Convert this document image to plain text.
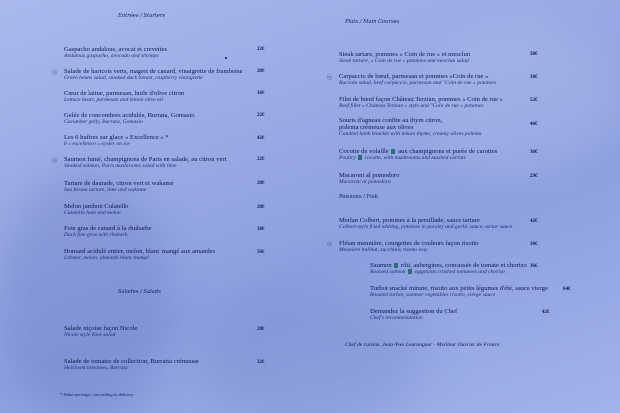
Entrées / Starters
Gaspacho andalous, avocat et crevettes
Andalous gaspacho, avocado and shrimps
22€
ⓩ Salade de haricots verts, magret de canard, vinaigrette de framboise
Green beans salad, smoked duck breast, raspberry vinaigrette
28€
Cœur de laitue, parmesan, huile d'olive citron
Lettuce heart, parmesan and lemon olive oil
16€
Gelée de concombres acidulée, Burrata, Gomasio
Cucumber gelly, Burrata, Gomasio
22€
Les 6 huîtres sur glace « Excellence » *
6 « excellence » oyster on ice
42€
ⓩ Saumon fumé, champignons de Paris en salade, au citron vert
Smoked salmon, Paris mushrooms salad with lime
22€
Tartare de daurade, citron vert et wakamé
Sea bream tartare, lime and wakame
28€
Melon jambon Culatello
Culatello ham and melon
28€
Foie gras de canard à la rhubarbe
Duck foie gras with rhubarb
38€
Homard acidulé entier, melon, blanc mangé aux amandes
Lobster, melon, almonds blanc mangé
56€
Salades / Salads
Salade niçoise façon Nicole
Nicole style Nice salad
28€
Salade de tomates de collection, Burratta crémeuse
Heirloom tomatoes, Burrata
32€
* Selon arrivage / according to delivery
Plats / Main Courses
Steak tartare, pommes « Coin de rue » et mesclun
Steak tartare, « Coin de rue » potatoes and mesclun salad
38€
ⓩ Carpaccio de bœuf, parmesan et pommes «Coin de rue »
Ruccola salad, beef carpaccio, parmesan and "Coin de rue » potatoes
38€
Filet de bœuf façon Château Terzian, pommes « Coin de rue »
Beef fillet « Château Terzian » style and "Coin de rue » potatoes
52€
Souris d'agneau confite au thym citron,
polenta crémeuse aux olives
Candied lamb knuckle with lemon thyme, creamy olives polenta
46€
Cocotte de volaille  aux champignons et purée de carottes
Poultry  cocotte, with mushrooms and mashed carrots
36€
Macaroni al pomodoro
Macaroni al pomodoro
29€
Poissons / Fish
Merlan Colbert, pommes à la persillade, sauce tartare
Colbert-style fried whiting, potatoes in parsley and garlic sauce, tartar sauce
42€
ⓩ Flétan meunière, courgettes de couleurs façon risotto
Meunière halibut, zucchinis risotto way
36€
Saumon  rôti, aubergines, concassée de tomate et chorizo
Roasted salmon  eggplants crushed tomatoes and chorizo
36€
Turbot snacké minute, risotto aux petits légumes d'été, sauce vierge
Roasted turbot, summer vegetables risotto, vierge sauce
64€
Demandez la suggestion du Chef
Chef's recommendation
42€
Chef de cuisine, Jean-Yves Leuranguer - Meilleur Ouvrier de France
